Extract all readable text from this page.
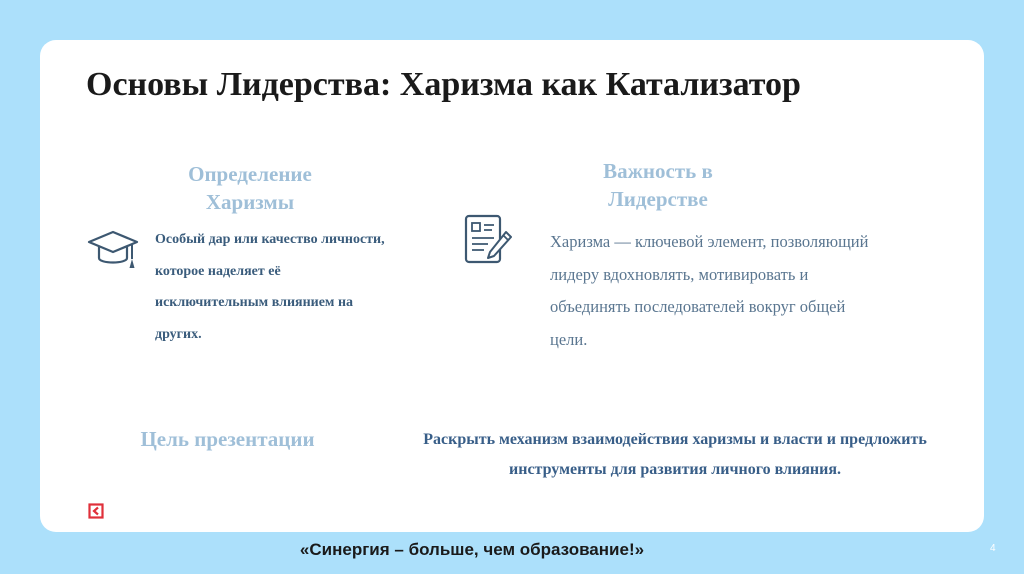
Основы Лидерства: Харизма как Катализатор
Определение Харизмы

Особый дар или качество личности, которое наделяет её исключительным влиянием на других.

Важность в Лидерстве

Харизма — ключевой элемент, позволяющий лидеру вдохновлять, мотивировать и объединять последователей вокруг общей цели.

Цель презентации	Раскрыть механизм взаимодействия харизмы и власти и предложить инструменты для развития личного влияния.

«Синергия – больше, чем образование!»	4
